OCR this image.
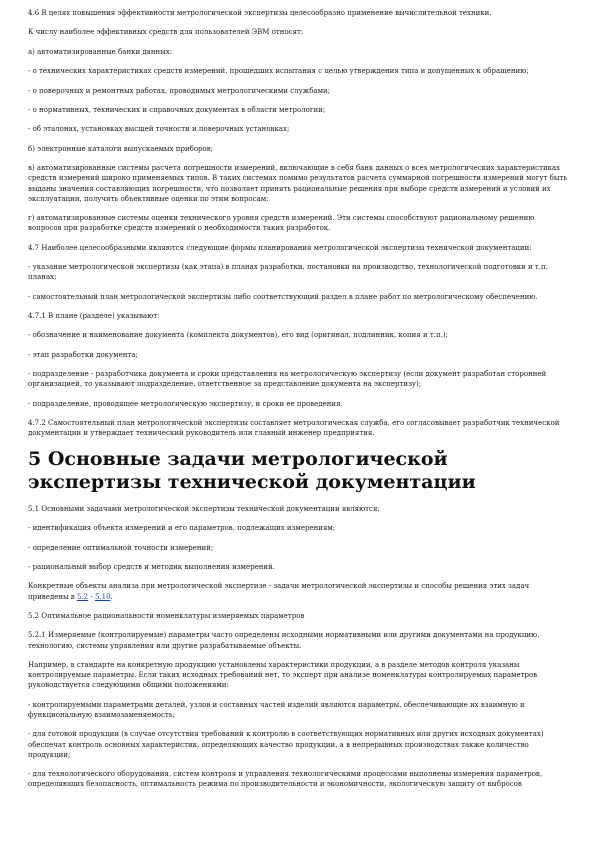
4.6 В целях повышения эффективности метрологической экспертизы целесообразно применение вычислительной техники.

К числу наиболее эффективных средств для пользователей ЭВМ относят:

а) автоматизированные банки данных:

- о технических характеристиках средств измерений, прошедших испытания с целью утверждения типа и допущенных к обращению;

- о поверочных и ремонтных работах, проводимых метрологическими службами;

- о нормативных, технических и справочных документах в области метрологии;

- об эталонах, установках высшей точности и поверочных установках;

б) электронные каталоги выпускаемых приборов;

в) автоматизированные системы расчета погрешности измерений, включающие в себя банк данных о всех метрологических характеристиках средств измерений широко применяемых типов. В таких системах помимо результатов расчета суммарной погрешности измерений могут быть выданы значения составляющих погрешности, что позволяет принять рациональные решения при выборе средств измерений и условий их эксплуатации, получить объективные оценки по этим вопросам;

г) автоматизированные системы оценки технического уровня средств измерений. Эти системы способствуют рациональному решению вопросов при разработке средств измерений о необходимости таких разработок.

4.7 Наиболее целесообразными являются следующие формы планирования метрологической экспертизы технической документации:

- указание метрологической экспертизы (как этапа) в планах разработки, постановки на производство, технологической подготовки и т.п. планах;

- самостоятельный план метрологической экспертизы либо соответствующий раздел в плане работ по метрологическому обеспечению.

4.7.1 В плане (разделе) указывают:

- обозначение и наименование документа (комплекта документов), его вид (оригинал, подлинник, копия и т.п.);

- этап разработки документа;

- подразделение - разработчика документа и сроки представления на метрологическую экспертизу (если документ разработан сторонней организацией, то указывают подразделение, ответственное за представление документа на экспертизу);

- подразделение, проводящее метрологическую экспертизу, и сроки ее проведения.

4.7.2 Самостоятельный план метрологической экспертизы составляет метрологическая служба, его согласовывает разработчик технической документации и утверждает технический руководитель или главный инженер предприятия.

5 Основные задачи метрологической экспертизы технической документации

5.1 Основными задачами метрологической экспертизы технической документации являются:

- идентификация объекта измерений и его параметров, подлежащих измерениям;

- определение оптимальной точности измерений;

- рациональный выбор средств и методик выполнения измерений.

Конкретные объекты анализа при метрологической экспертизе - задачи метрологической экспертизы и способы решения этих задач приведены в 5.2 - 5.10.

5.2 Оптимальное рациональности номенклатуры измеряемых параметров

5.2.1 Измеряемые (контролируемые) параметры часто определены исходными нормативными или другими документами на продукцию, технологию, системы управления или другие разрабатываемые объекты.

Например, в стандарте на конкретную продукцию установлены характеристики продукции, а в разделе методов контроля указаны контролируемые параметры. Если таких исходных требований нет, то эксперт при анализе номенклатуры контролируемых параметров руководствуется следующими общими положениями:

- контролируемыми параметрами деталей, узлов и составных частей изделий являются параметры, обеспечивающие их взаимную и функциональную взаимозаменяемость;

- для готовой продукции (в случае отсутствия требований к контролю в соответствующих нормативных или других исходных документах) обеспечат контроль основных характеристик, определяющих качество продукции, а в непрерывных производствах также количество продукции;

- для технологического оборудования, систем контроля и управления технологическими процессами выполнены измерения параметров, определяющих безопасность, оптимальность режима по производительности и экономичности, экологическую защиту от выбросов
